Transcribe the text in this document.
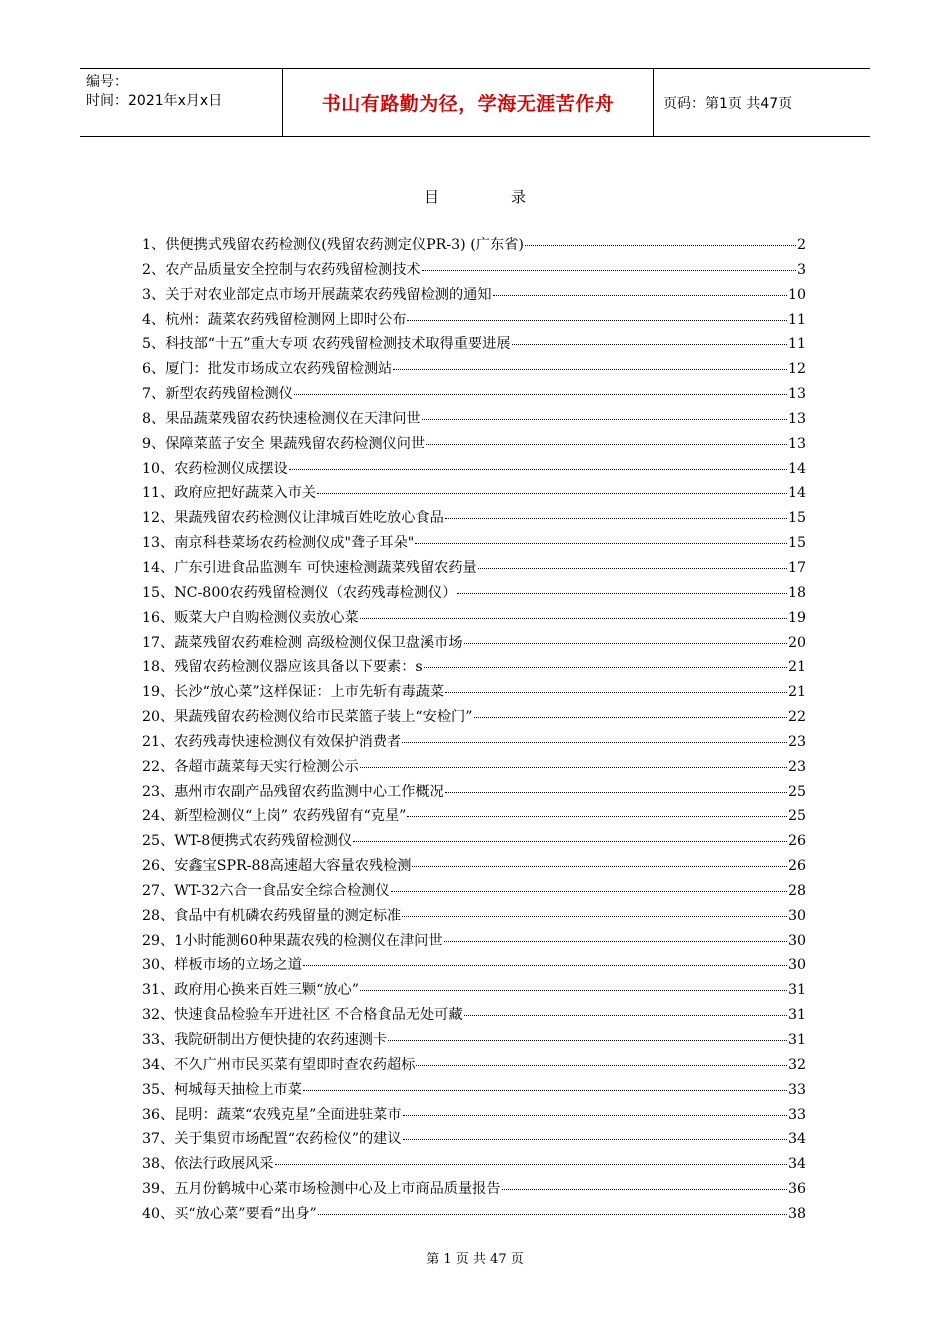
编号：
时间：2021年x月x日	书山有路勤为径，学海无涯苦作舟	页码：第1页 共47页
目	录
1、供便携式残留农药检测仪(残留农药测定仪PR-3) (广东省)	2
2、农产品质量安全控制与农药残留检测技术	3
3、关于对农业部定点市场开展蔬菜农药残留检测的通知	10
4、杭州：蔬菜农药残留检测网上即时公布	11
5、科技部“十五”重大专项 农药残留检测技术取得重要进展	11
6、厦门：批发市场成立农药残留检测站	12
7、新型农药残留检测仪	13
8、果品蔬菜残留农药快速检测仪在天津问世	13
9、保障菜蓝子安全 果蔬残留农药检测仪问世	13
10、农药检测仪成摆设	14
11、政府应把好蔬菜入市关	14
12、果蔬残留农药检测仪让津城百姓吃放心食品	15
13、南京科巷菜场农药检测仪成"聋子耳朵"	15
14、广东引进食品监测车 可快速检测蔬菜残留农药量	17
15、NC-800农药残留检测仪（农药残毒检测仪）	18
16、贩菜大户自购检测仪卖放心菜	19
17、蔬菜残留农药难检测 高级检测仪保卫盘溪市场	20
18、残留农药检测仪器应该具备以下要素：s	21
19、长沙“放心菜”这样保证：上市先斩有毒蔬菜	21
20、果蔬残留农药检测仪给市民菜篮子装上“安检门”	22
21、农药残毒快速检测仪有效保护消费者	23
22、各超市蔬菜每天实行检测公示	23
23、惠州市农副产品残留农药监测中心工作概况	25
24、新型检测仪“上岗” 农药残留有“克星”	25
25、WT-8便携式农药残留检测仪	26
26、安鑫宝SPR-88高速超大容量农残检测	26
27、WT-32六合一食品安全综合检测仪	28
28、食品中有机磷农药残留量的测定标准	30
29、1小时能测60种果蔬农残的检测仪在津问世	30
30、样板市场的立场之道	30
31、政府用心换来百姓三颗“放心”	31
32、快速食品检验车开进社区 不合格食品无处可藏	31
33、我院研制出方便快捷的农药速测卡	31
34、不久广州市民买菜有望即时查农药超标	32
35、柯城每天抽检上市菜	33
36、昆明：蔬菜“农残克星”全面进驻菜市	33
37、关于集贸市场配置“农药检仪”的建议	34
38、依法行政展风采	34
39、五月份鹤城中心菜市场检测中心及上市商品质量报告	36
40、买“放心菜”要看“出身”	38
第 1 页 共 47 页
